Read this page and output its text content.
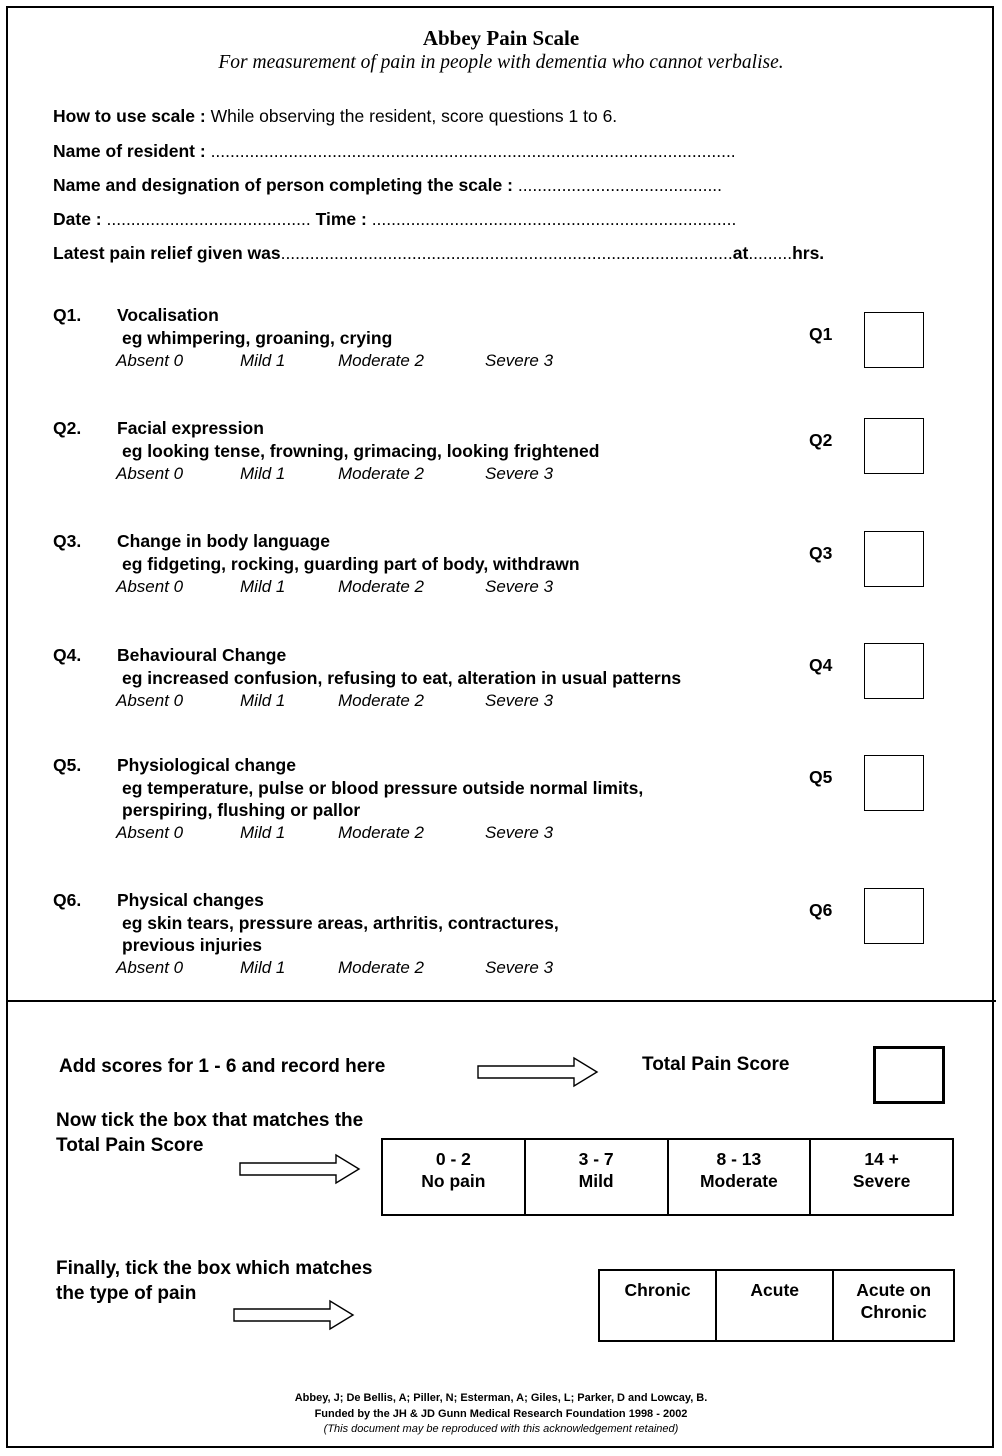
Abbey Pain Scale
For measurement of pain in people with dementia who cannot verbalise.
How to use scale : While observing the resident, score questions 1 to 6.
Name of resident : ............................................................................................................
Name and designation of person completing the scale : ..........................................
Date : .......................................... Time : ...........................................................................
Latest pain relief given was.............................................................................................at.........hrs.
Q1. Vocalisation
eg whimpering, groaning, crying
Absent 0	Mild 1	Moderate 2	Severe 3
Q1
Q2. Facial expression
eg looking tense, frowning, grimacing, looking frightened
Absent 0	Mild 1	Moderate 2	Severe 3
Q2
Q3. Change in body language
eg fidgeting, rocking, guarding part of body, withdrawn
Absent 0	Mild 1	Moderate 2	Severe 3
Q3
Q4. Behavioural Change
eg increased confusion, refusing to eat, alteration in usual patterns
Absent 0	Mild 1	Moderate 2	Severe 3
Q4
Q5. Physiological change
eg temperature, pulse or blood pressure outside normal limits,
perspiring, flushing or pallor
Absent 0	Mild 1	Moderate 2	Severe 3
Q5
Q6. Physical changes
eg skin tears, pressure areas, arthritis, contractures,
previous injuries
Absent 0	Mild 1	Moderate 2	Severe 3
Q6
Add scores for 1 - 6 and record here	Total Pain Score
Now tick the box that matches the
Total Pain Score
0 - 2
No pain

3 - 7
Mild

8 - 13
Moderate

14 +
Severe
Finally, tick the box which matches
the type of pain	Chronic	Acute	Acute on
Chronic
Abbey, J; De Bellis, A; Piller, N; Esterman, A; Giles, L; Parker, D and Lowcay, B.
Funded by the JH & JD Gunn Medical Research Foundation 1998 - 2002
(This document may be reproduced with this acknowledgement retained)
